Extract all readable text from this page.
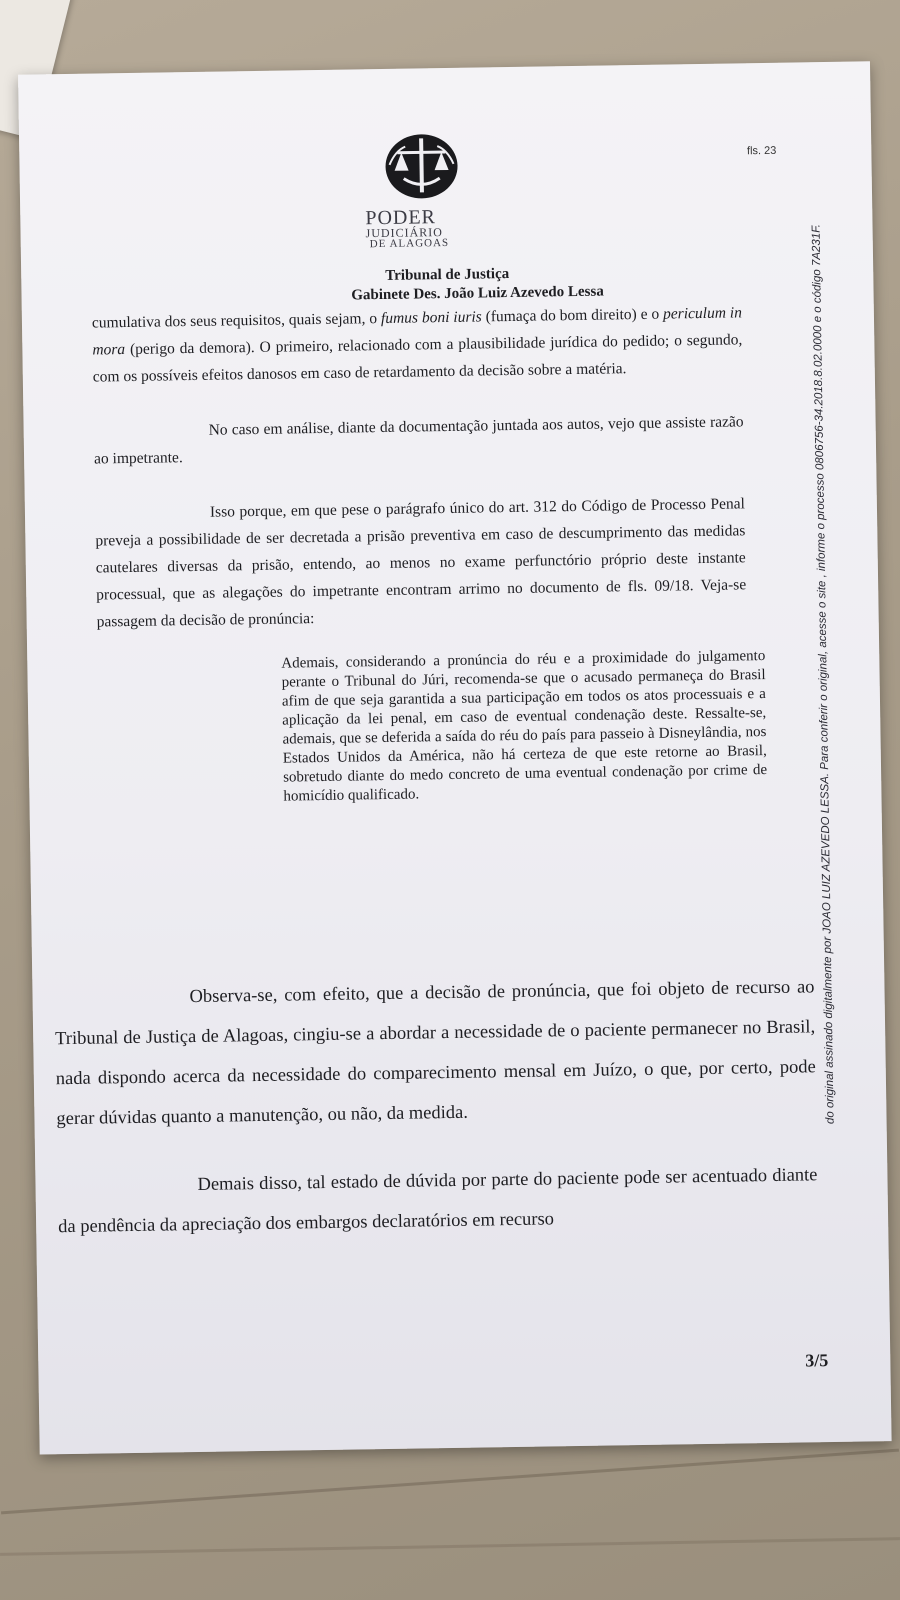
fls. 23
PODER
JUDICIÁRIO
DE ALAGOAS
Tribunal de Justiça
Gabinete Des. João Luiz Azevedo Lessa

cumulativa dos seus requisitos, quais sejam, o fumus boni iuris (fumaça do bom direito) e o periculum in mora (perigo da demora). O primeiro, relacionado com a plausibilidade jurídica do pedido; o segundo, com os possíveis efeitos danosos em caso de retardamento da decisão sobre a matéria.

No caso em análise, diante da documentação juntada aos autos, vejo que assiste razão ao impetrante.

Isso porque, em que pese o parágrafo único do art. 312 do Código de Processo Penal preveja a possibilidade de ser decretada a prisão preventiva em caso de descumprimento das medidas cautelares diversas da prisão, entendo, ao menos no exame perfunctório próprio deste instante processual, que as alegações do impetrante encontram arrimo no documento de fls. 09/18. Veja-se passagem da decisão de pronúncia:

Ademais, considerando a pronúncia do réu e a proximidade do julgamento perante o Tribunal do Júri, recomenda-se que o acusado permaneça do Brasil afim de que seja garantida a sua participação em todos os atos processuais e a aplicação da lei penal, em caso de eventual condenação deste. Ressalte-se, ademais, que se deferida a saída do réu do país para passeio à Disneylândia, nos Estados Unidos da América, não há certeza de que este retorne ao Brasil, sobretudo diante do medo concreto de uma eventual condenação por crime de homicídio qualificado.

Observa-se, com efeito, que a decisão de pronúncia, que foi objeto de recurso ao Tribunal de Justiça de Alagoas, cingiu-se a abordar a necessidade de o paciente permanecer no Brasil, nada dispondo acerca da necessidade do comparecimento mensal em Juízo, o que, por certo, pode gerar dúvidas quanto a manutenção, ou não, da medida.

Demais disso, tal estado de dúvida por parte do paciente pode ser acentuado diante da pendência da apreciação dos embargos declaratórios em recurso

3/5
do original assinado digitalmente por JOAO LUIZ AZEVEDO LESSA. Para conferir o original, acesse o site , informe o processo 0806756-34.2018.8.02.0000 e o código 7A231F.
